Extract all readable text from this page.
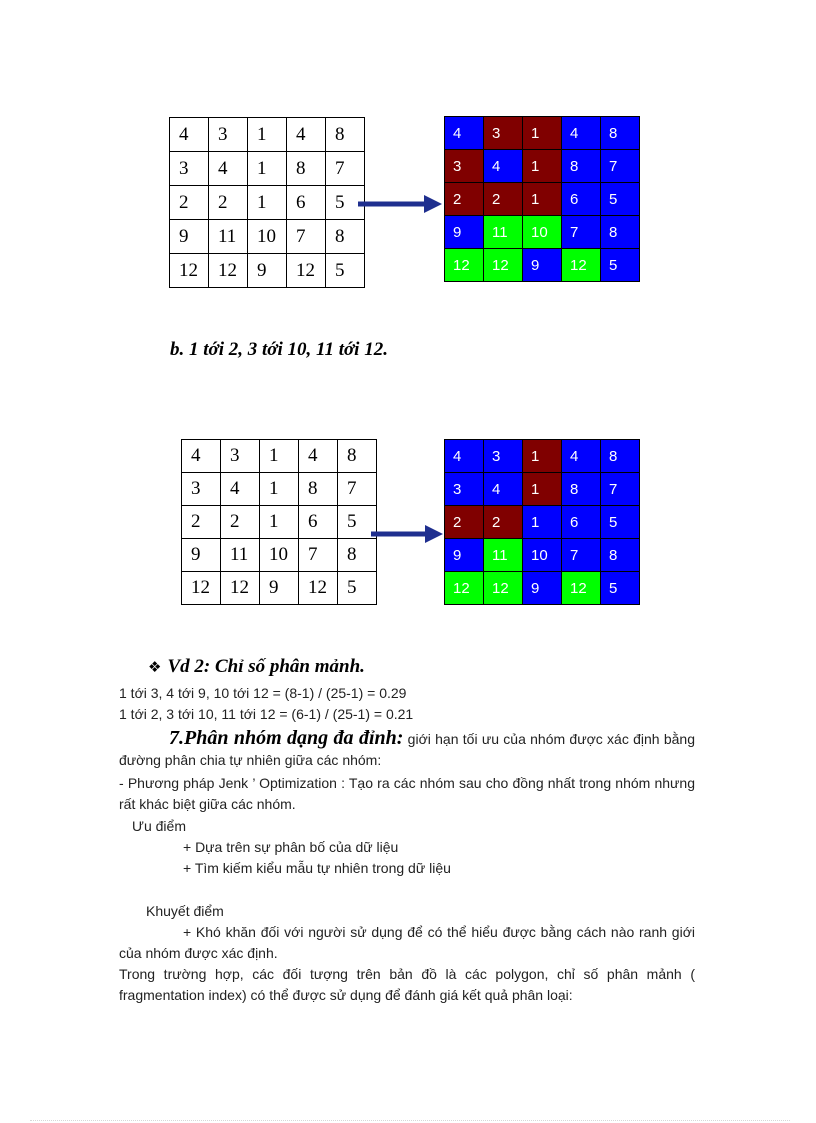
4	3	1	4	8
3	4	1	8	7
2	2	1	6	5
9	11	10	7	8
12	12	9	12	5
4	3	1	4	8
3	4	1	8	7
2	2	1	6	5
9	11	10	7	8
12	12	9	12	5
b. 1 tới 2, 3 tới 10, 11 tới 12.
4	3	1	4	8
3	4	1	8	7
2	2	1	6	5
9	11	10	7	8
12	12	9	12	5
4	3	1	4	8
3	4	1	8	7
2	2	1	6	5
9	11	10	7	8
12	12	9	12	5
❖ Vd 2: Chỉ số phân mảnh.
1 tới 3, 4 tới 9, 10 tới 12 = (8-1) / (25-1) = 0.29
1 tới 2, 3 tới 10, 11 tới 12 = (6-1) / (25-1) = 0.21
7.Phân nhóm dạng đa đỉnh: giới hạn tối ưu của nhóm được xác định bằng đường phân chia tự nhiên giữa các nhóm:
- Phương pháp Jenk ’ Optimization : Tạo ra các nhóm sau cho đồng nhất trong nhóm nhưng rất khác biệt giữa các nhóm.
Ưu điểm
+ Dựa trên sự phân bố của dữ liệu
+ Tìm kiếm kiểu mẫu tự nhiên trong dữ liệu
Khuyết điểm
+ Khó khăn đối với người sử dụng để có thể hiểu được bằng cách nào ranh giới của nhóm được xác định.
Trong trường hợp, các đối tượng trên bản đồ là các polygon, chỉ số phân mảnh ( fragmentation index) có thể được sử dụng để đánh giá kết quả phân loại:
